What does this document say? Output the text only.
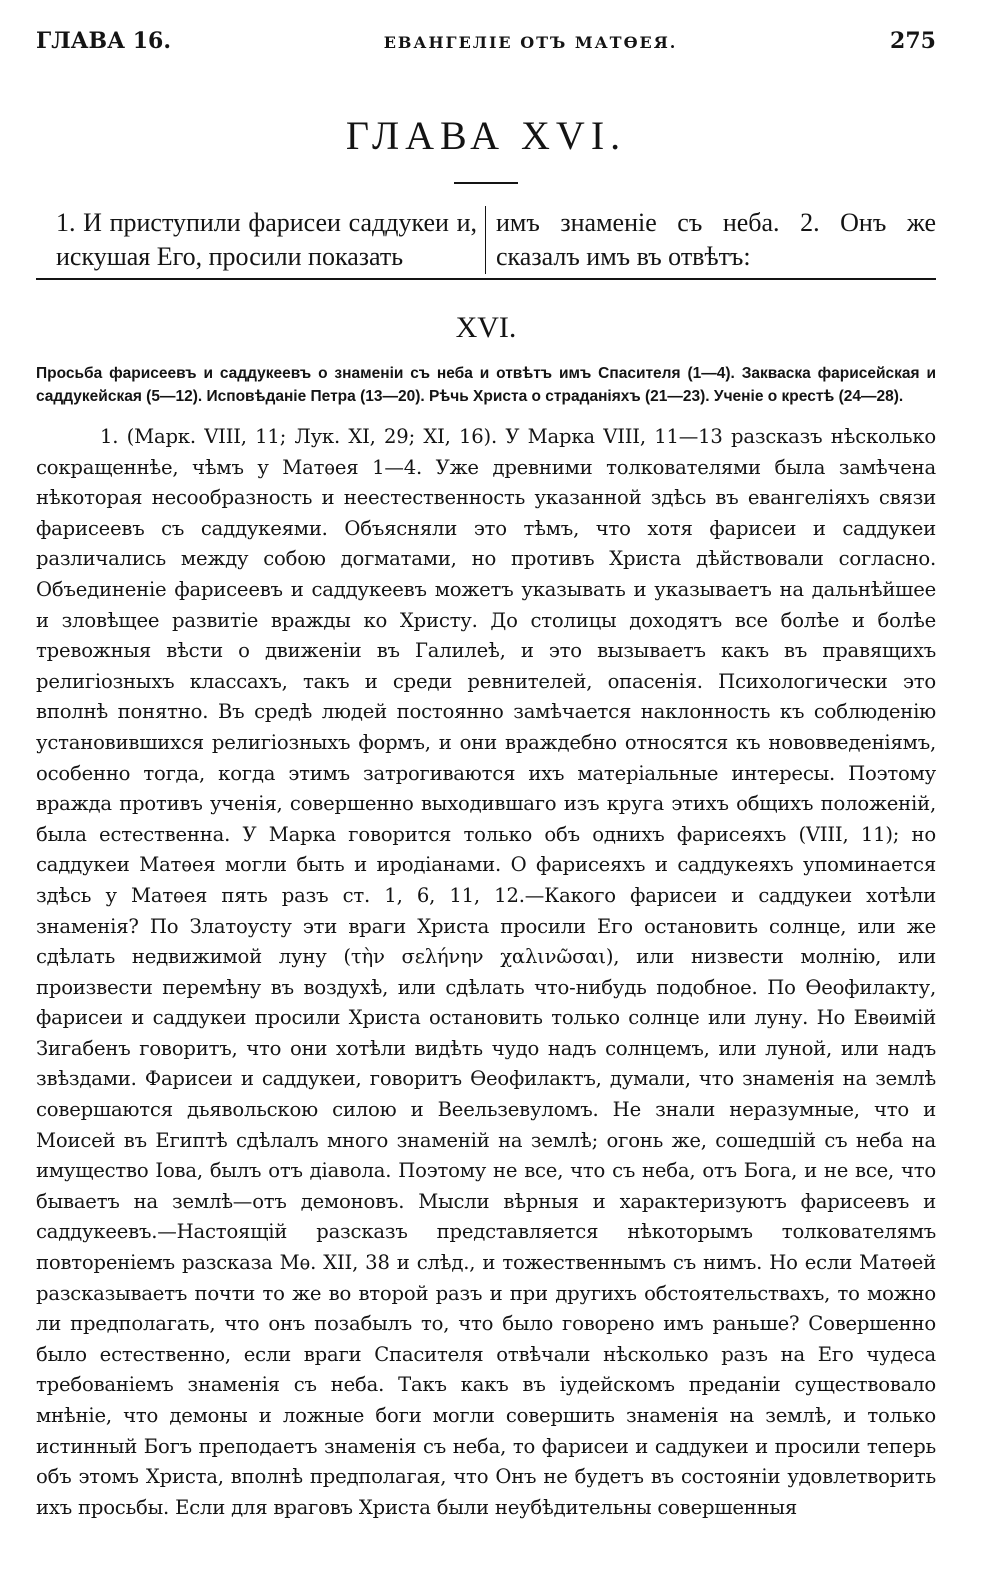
ГЛАВА 16.	ЕВАНГЕЛІЕ ОТЪ МАТѲЕЯ.	275
ГЛАВА XVI.
1. И приступили фарисеи саддукеи и, искушая Его, просили показать
имъ знаменіе съ неба. 2. Онъ же сказалъ имъ въ отвѣтъ:
XVI.
Просьба фарисеевъ и саддукеевъ о знаменіи съ неба и отвѣтъ имъ Спасителя (1—4). Закваска фарисейская и саддукейская (5—12). Исповѣданіе Петра (13—20). Рѣчь Христа о страданіяхъ (21—23). Ученіе о крестѣ (24—28).

1. (Марк. VIII, 11; Лук. XI, 29; XI, 16). У Марка VIII, 11—13 разсказъ нѣсколько сокращеннѣе, чѣмъ у Матѳея 1—4. Уже древними толкователями была замѣчена нѣкоторая несообразность и неестественность указанной здѣсь въ евангеліяхъ связи фарисеевъ съ саддукеями. Объясняли это тѣмъ, что хотя фарисеи и саддукеи различались между собою догматами, но противъ Христа дѣйствовали согласно. Объединеніе фарисеевъ и саддукеевъ можетъ указывать и указываетъ на дальнѣйшее и зловѣщее развитіе вражды ко Христу. До столицы доходятъ все болѣе и болѣе тревожныя вѣсти о движеніи въ Галилеѣ, и это вызываетъ какъ въ правящихъ религіозныхъ классахъ, такъ и среди ревнителей, опасенія. Психологически это вполнѣ понятно. Въ средѣ людей постоянно замѣчается наклонность къ соблюденію установившихся религіозныхъ формъ, и они враждебно относятся къ нововведеніямъ, особенно тогда, когда этимъ затрогиваются ихъ матеріальные интересы. Поэтому вражда противъ ученія, совершенно выходившаго изъ круга этихъ общихъ положеній, была естественна. У Марка говорится только объ однихъ фарисеяхъ (VIII, 11); но саддукеи Матѳея могли быть и иродіанами. О фарисеяхъ и саддукеяхъ упоминается здѣсь у Матѳея пять разъ ст. 1, 6, 11, 12.—Какого фарисеи и саддукеи хотѣли знаменія? По Златоусту эти враги Христа просили Его остановить солнце, или же сдѣлать недвижимой луну (τὴν σελήνην χαλινῶσαι), или низвести молнію, или произвести перемѣну въ воздухѣ, или сдѣлать что-нибудь подобное. По Ѳеофилакту, фарисеи и саддукеи просили Христа остановить только солнце или луну. Но Евѳимій Зигабенъ говоритъ, что они хотѣли видѣть чудо надъ солнцемъ, или луной, или надъ звѣздами. Фарисеи и саддукеи, говоритъ Ѳеофилактъ, думали, что знаменія на землѣ совершаются дьявольскою силою и Веельзевуломъ. Не знали неразумные, что и Моисей въ Египтѣ сдѣлалъ много знаменій на землѣ; огонь же, сошедшій съ неба на имущество Іова, былъ отъ діавола. Поэтому не все, что съ неба, отъ Бога, и не все, что бываетъ на землѣ—отъ демоновъ. Мысли вѣрныя и характеризуютъ фарисеевъ и саддукеевъ.—Настоящій разсказъ представляется нѣкоторымъ толкователямъ повтореніемъ разсказа Мѳ. XII, 38 и слѣд., и тожественнымъ съ нимъ. Но если Матѳей разсказываетъ почти то же во второй разъ и при другихъ обстоятельствахъ, то можно ли предполагать, что онъ позабылъ то, что было говорено имъ раньше? Совершенно было естественно, если враги Спасителя отвѣчали нѣсколько разъ на Его чудеса требованіемъ знаменія съ неба. Такъ какъ въ іудейскомъ преданіи существовало мнѣніе, что демоны и ложные боги могли совершить знаменія на землѣ, и только истинный Богъ преподаетъ знаменія съ неба, то фарисеи и саддукеи и просили теперь объ этомъ Христа, вполнѣ предполагая, что Онъ не будетъ въ состояніи удовлетворить ихъ просьбы. Если для враговъ Христа были неубѣдительны совершенныя
